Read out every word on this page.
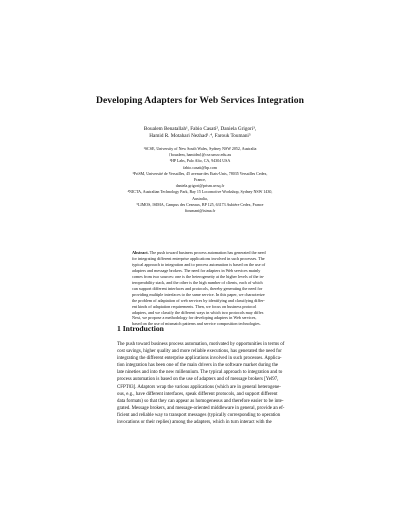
Developing Adapters for Web Services Integration
Boualem Benatallah¹, Fabio Casati², Daniela Grigori³,
Hamid R. Motahari Nezhad¹˒⁴, Farouk Toumani⁵
¹SCSE, University of New South Wales, Sydney NSW 2052, Australia
{boualem, hamidm}@cse.unsw.edu.au
²HP Labs, Palo Alto, CA, 94304 USA
fabio.casati@hp.com
³PriSM, Université de Versailles, 45 avenue des Etats-Unis, 78035 Versailles Cedex,
France,
daniela.grigori@prism.uvsq.fr
⁴NICTA, Australian Technology Park, Bay 15 Locomotive Workshop, Sydney NSW 1430,
Australia,
⁵LIMOS, ISIMA, Campus des Cezeaux, BP 125, 63173 Aubière Cedex, France
ftoumani@isima.fr
Abstract. The push toward business process automation has generated the need
for integrating different enterprise applications involved in such processes. The
typical approach to integration and to process automation is based on the use of
adapters and message brokers. The need for adapters in Web services mainly
comes from two sources: one is the heterogeneity at the higher levels of the in-
teroperability stack, and the other is the high number of clients, each of which
can support different interfaces and protocols, thereby generating the need for
providing multiple interfaces to the same service. In this paper, we characterize
the problem of adaptation of web services by identifying and classifying differ-
ent kinds of adaptation requirements. Then, we focus on business protocol
adapters, and we classify the different ways in which two protocols may differ.
Next, we propose a methodology for developing adapters in Web services,
based on the use of mismatch patterns and service composition technologies.
1 Introduction
The push toward business process automation, motivated by opportunities in terms of
cost savings, higher quality and more reliable executions, has generated the need for
integrating the different enterprise applications involved in such processes. Applica-
tion integration has been one of the main drivers in the software market during the
late nineties and into the new millennium. The typical approach to integration and to
process automation is based on the use of adapters and of message brokers [Yel97,
CFPT03]. Adaptors wrap the various applications (which are in general heterogene-
ous, e.g., have different interfaces, speak different protocols, and support different
data formats) so that they can appear as homogeneous and therefore easier to be inte-
grated. Message brokers, and message-oriented middleware in general, provide an ef-
ficient and reliable way to transport messages (typically corresponding to operation
invocations or their replies) among the adapters, which in turn interact with the
